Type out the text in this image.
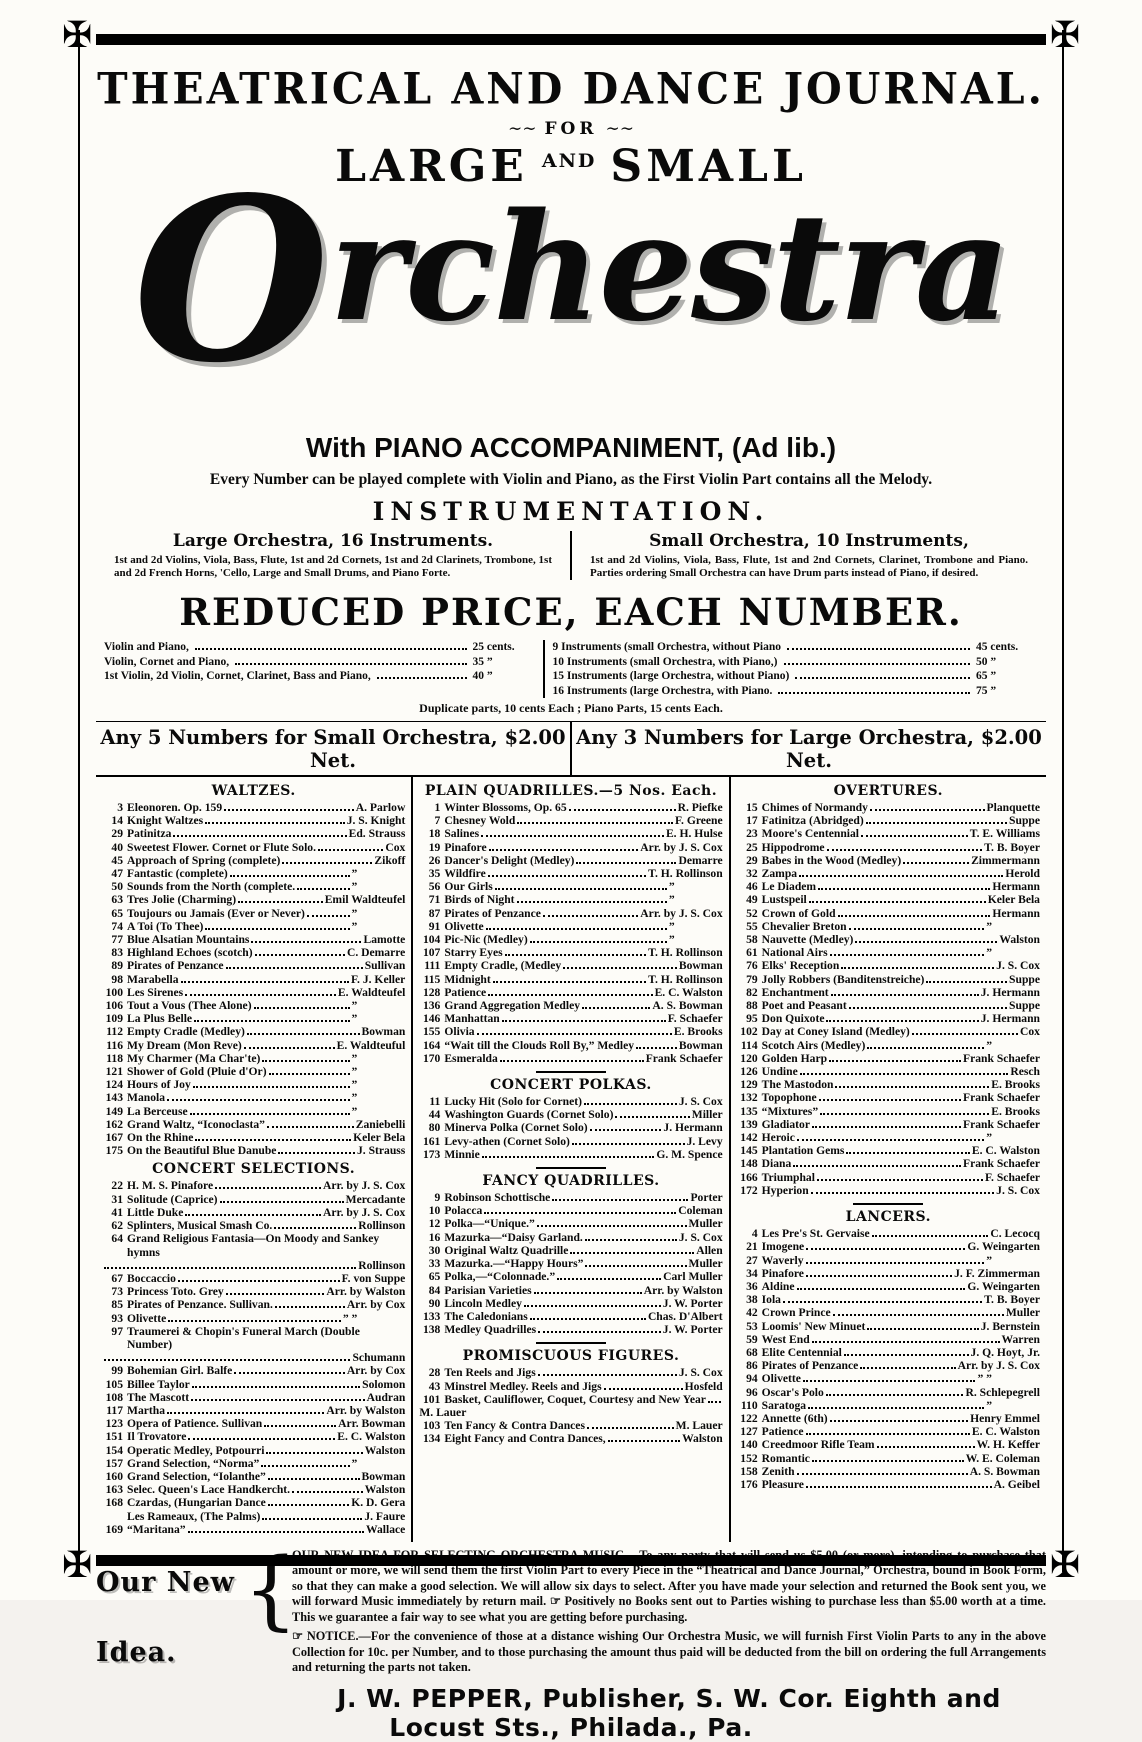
✠	✠
✠	✠
THEATRICAL AND DANCE JOURNAL.
∼∼ FOR ∼∼
LARGE $^{AND}$ SMALL
Orchestra
With PIANO ACCOMPANIMENT, (Ad lib.)
Every Number can be played complete with Violin and Piano, as the First Violin Part contains all the Melody.
INSTRUMENTATION.
Large Orchestra, 16 Instruments.
1st and 2d Violins, Viola, Bass, Flute, 1st and 2d Cornets, 1st and 2d Clarinets, Trombone, 1st and 2d French Horns, 'Cello, Large and Small Drums, and Piano Forte.
Small Orchestra, 10 Instruments,
1st and 2d Violins, Viola, Bass, Flute, 1st and 2nd Cornets, Clarinet, Trombone and Piano. Parties ordering Small Orchestra can have Drum parts instead of Piano, if desired.
REDUCED PRICE, EACH NUMBER.
Violin and Piano,	25 cents.
Violin, Cornet and Piano,	35 ”
1st Violin, 2d Violin, Cornet, Clarinet, Bass and Piano,	40 ”
9 Instruments (small Orchestra, without Piano	45 cents.
10 Instruments (small Orchestra, with Piano,)	50 ”
15 Instruments (large Orchestra, without Piano)	65 ”
16 Instruments (large Orchestra, with Piano.	75 ”
Duplicate parts, 10 cents Each ; Piano Parts, 15 cents Each.
Any 5 Numbers for Small Orchestra, $2.00 Net.
Any 3 Numbers for Large Orchestra, $2.00 Net.
WALTZES.
3 Eleonoren. Op. 159	A. Parlow
14 Knight Waltzes	J. S. Knight
29 Patinitza	Ed. Strauss
40 Sweetest Flower. Cornet or Flute Solo.	Cox
45 Approach of Spring (complete)	Zikoff
47 Fantastic (complete)	”
50 Sounds from the North (complete.	”
63 Tres Jolie (Charming)	Emil Waldteufel
65 Toujours ou Jamais (Ever or Never)	”
74 A Toi (To Thee)	”
77 Blue Alsatian Mountains	Lamotte
83 Highland Echoes (scotch)	C. Demarre
89 Pirates of Penzance	Sullivan
98 Marabella	F. J. Keller
100 Les Sirenes	E. Waldteufel
106 Tout a Vous (Thee Alone)	”
109 La Plus Belle	”
112 Empty Cradle (Medley)	Bowman
116 My Dream (Mon Reve)	E. Waldteuful
118 My Charmer (Ma Char'te)	”
121 Shower of Gold (Pluie d'Or)	”
124 Hours of Joy	”
143 Manola	”
149 La Berceuse	”
162 Grand Waltz, “Iconoclasta”	Zaniebelli
167 On the Rhine	Keler Bela
175 On the Beautiful Blue Danube	J. Strauss
CONCERT SELECTIONS.
22 H. M. S. Pinafore	Arr. by J. S. Cox
31 Solitude (Caprice)	Mercadante
41 Little Duke	Arr. by J. S. Cox
62 Splinters, Musical Smash Co.	Rollinson
64 Grand Religious Fantasia—On Moody and Sankey hymns
Rollinson
67 Boccaccio	F. von Suppe
73 Princess Toto. Grey	Arr. by Walston
85 Pirates of Penzance. Sullivan.	Arr. by Cox
93 Olivette	” ”
97 Traumerei & Chopin's Funeral March (Double Number)
Schumann
99 Bohemian Girl. Balfe	Arr. by Cox
105 Billee Taylor	Solomon
108 The Mascott	Audran
117 Martha	Arr. by Walston
123 Opera of Patience. Sullivan	Arr. Bowman
151 Il Trovatore	E. C. Walston
154 Operatic Medley, Potpourri	Walston
157 Grand Selection, “Norma”	”
160 Grand Selection, “Iolanthe”	Bowman
163 Selec. Queen's Lace Handkercht.	Walston
168 Czardas, (Hungarian Dance	K. D. Gera
Les Rameaux, (The Palms)	J. Faure
169 “Maritana”	Wallace
PLAIN QUADRILLES.—5 Nos. Each.
1 Winter Blossoms, Op. 65	R. Piefke
7 Chesney Wold	F. Greene
18 Salines	E. H. Hulse
19 Pinafore	Arr. by J. S. Cox
26 Dancer's Delight (Medley)	Demarre
35 Wildfire	T. H. Rollinson
56 Our Girls	”
71 Birds of Night	”
87 Pirates of Penzance	Arr. by J. S. Cox
91 Olivette	”
104 Pic-Nic (Medley)	”
107 Starry Eyes	T. H. Rollinson
111 Empty Cradle, (Medley	Bowman
115 Midnight	T. H. Rollinson
128 Patience	E. C. Walston
136 Grand Aggregation Medley	A. S. Bowman
146 Manhattan	F. Schaefer
155 Olivia	E. Brooks
164 “Wait till the Clouds Roll By,” Medley	Bowman
170 Esmeralda	Frank Schaefer
CONCERT POLKAS.
11 Lucky Hit (Solo for Cornet)	J. S. Cox
44 Washington Guards (Cornet Solo)	Miller
80 Minerva Polka (Cornet Solo)	J. Hermann
161 Levy-athen (Cornet Solo)	J. Levy
173 Minnie	G. M. Spence
FANCY QUADRILLES.
9 Robinson Schottische	Porter
10 Polacca	Coleman
12 Polka—“Unique.”	Muller
16 Mazurka—“Daisy Garland.	J. S. Cox
30 Original Waltz Quadrille	Allen
33 Mazurka.—“Happy Hours”	Muller
65 Polka,—“Colonnade.”	Carl Muller
84 Parisian Varieties	Arr. by Walston
90 Lincoln Medley	J. W. Porter
133 The Caledonians	Chas. D'Albert
138 Medley Quadrilles	J. W. Porter
PROMISCUOUS FIGURES.
28 Ten Reels and Jigs	J. S. Cox
43 Minstrel Medley. Reels and Jigs	Hosfeld
101 Basket, Cauliflower, Coquet, Courtesy and New Year
M. Lauer
103 Ten Fancy & Contra Dances	M. Lauer
134 Eight Fancy and Contra Dances,	Walston
OVERTURES.
15 Chimes of Normandy	Planquette
17 Fatinitza (Abridged)	Suppe
23 Moore's Centennial	T. E. Williams
25 Hippodrome	T. B. Boyer
29 Babes in the Wood (Medley)	Zimmermann
32 Zampa	Herold
46 Le Diadem	Hermann
49 Lustspeil	Keler Bela
52 Crown of Gold	Hermann
55 Chevalier Breton	”
58 Nauvette (Medley)	Walston
61 National Airs	”
76 Elks' Reception	J. S. Cox
79 Jolly Robbers (Banditenstreiche)	Suppe
82 Enchantment	J. Hermann
88 Poet and Peasant	Suppe
95 Don Quixote	J. Hermann
102 Day at Coney Island (Medley)	Cox
114 Scotch Airs (Medley)	”
120 Golden Harp	Frank Schaefer
126 Undine	Resch
129 The Mastodon	E. Brooks
132 Topophone	Frank Schaefer
135 “Mixtures”	E. Brooks
139 Gladiator	Frank Schaefer
142 Heroic	”
145 Plantation Gems	E. C. Walston
148 Diana	Frank Schaefer
166 Triumphal	F. Schaefer
172 Hyperion	J. S. Cox
LANCERS.
4 Les Pre's St. Gervaise	C. Lecocq
21 Imogene	G. Weingarten
27 Waverly	”
34 Pinafore	J. F. Zimmerman
36 Aldine	G. Weingarten
38 Iola	T. B. Boyer
42 Crown Prince	Muller
53 Loomis' New Minuet	J. Bernstein
59 West End	Warren
68 Elite Centennial	J. Q. Hoyt, Jr.
86 Pirates of Penzance	Arr. by J. S. Cox
94 Olivette	” ”
96 Oscar's Polo	R. Schlepegrell
110 Saratoga	”
122 Annette (6th)	Henry Emmel
127 Patience	E. C. Walston
140 Creedmoor Rifle Team	W. H. Keffer
152 Romantic	W. E. Coleman
158 Zenith	A. S. Bowman
176 Pleasure	A. Geibel
Our New Idea.
{
OUR NEW IDEA FOR SELECTING ORCHESTRA MUSIC.—To any party that will send us $5.00 (or more), intending to purchase that amount or more, we will send them the first Violin Part to every Piece in the “Theatrical and Dance Journal,” Orchestra, bound in Book Form, so that they can make a good selection. We will allow six days to select. After you have made your selection and returned the Book sent you, we will forward Music immediately by return mail. ☞ Positively no Books sent out to Parties wishing to purchase less than $5.00 worth at a time. This we guarantee a fair way to see what you are getting before purchasing.
☞ NOTICE.—For the convenience of those at a distance wishing Our Orchestra Music, we will furnish First Violin Parts to any in the above Collection for 10c. per Number, and to those purchasing the amount thus paid will be deducted from the bill on ordering the full Arrangements and returning the parts not taken.
J. W. PEPPER, Publisher, S. W. Cor. Eighth and Locust Sts., Philada., Pa.
